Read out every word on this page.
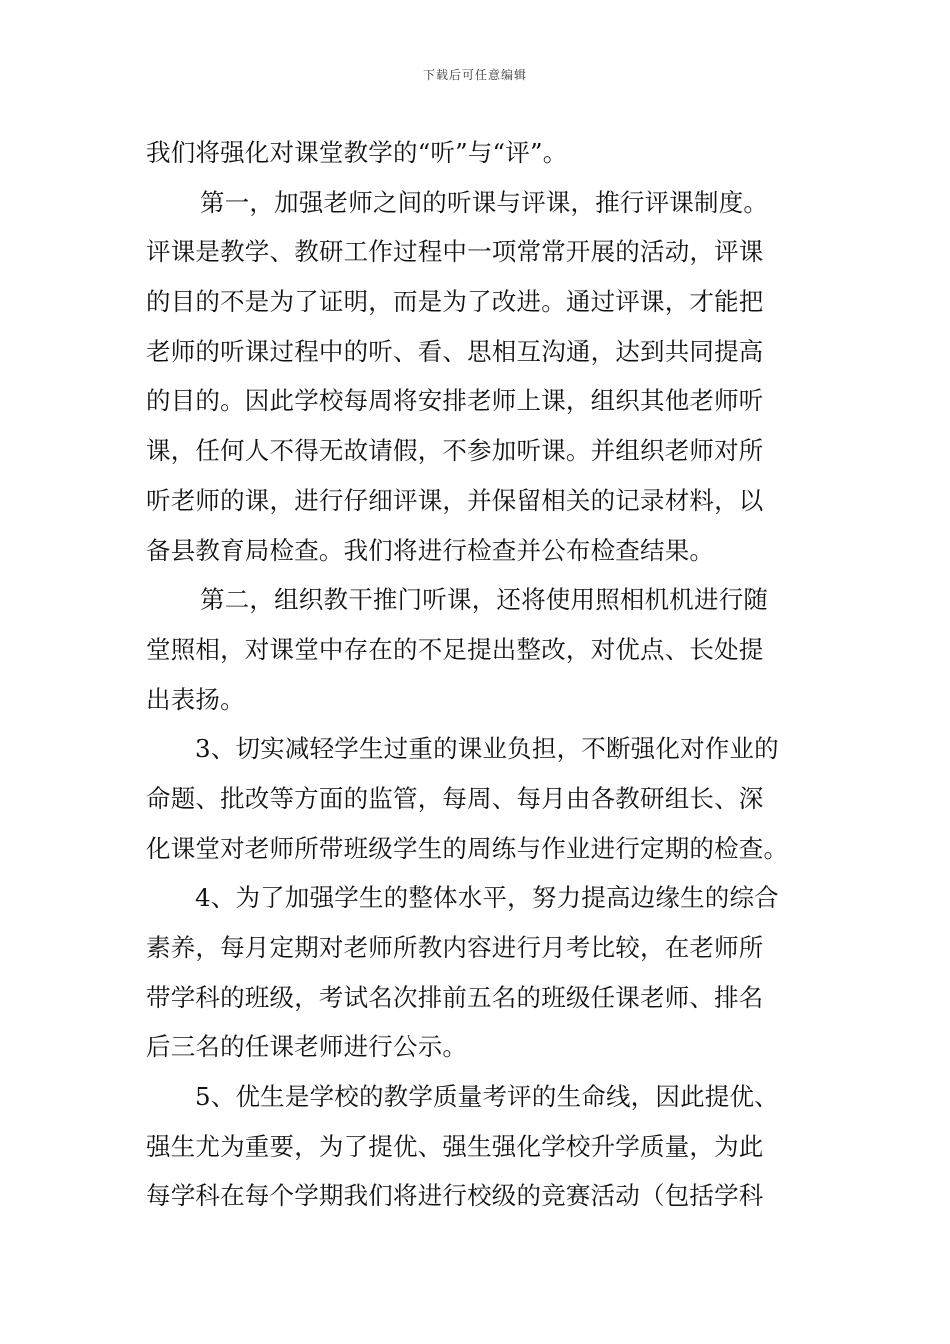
下载后可任意编辑
我们将强化对课堂教学的“听”与“评”。
第一，加强老师之间的听课与评课，推行评课制度。
评课是教学、教研工作过程中一项常常开展的活动，评课
的目的不是为了证明，而是为了改进。通过评课，才能把
老师的听课过程中的听、看、思相互沟通，达到共同提高
的目的。因此学校每周将安排老师上课，组织其他老师听
课，任何人不得无故请假，不参加听课。并组织老师对所
听老师的课，进行仔细评课，并保留相关的记录材料，以
备县教育局检查。我们将进行检查并公布检查结果。
第二，组织教干推门听课，还将使用照相机机进行随
堂照相，对课堂中存在的不足提出整改，对优点、长处提
出表扬。
3、切实减轻学生过重的课业负担，不断强化对作业的
命题、批改等方面的监管，每周、每月由各教研组长、深
化课堂对老师所带班级学生的周练与作业进行定期的检查。
4、为了加强学生的整体水平，努力提高边缘生的综合
素养，每月定期对老师所教内容进行月考比较，在老师所
带学科的班级，考试名次排前五名的班级任课老师、排名
后三名的任课老师进行公示。
5、优生是学校的教学质量考评的生命线，因此提优、
强生尤为重要，为了提优、强生强化学校升学质量，为此
每学科在每个学期我们将进行校级的竞赛活动（包括学科
